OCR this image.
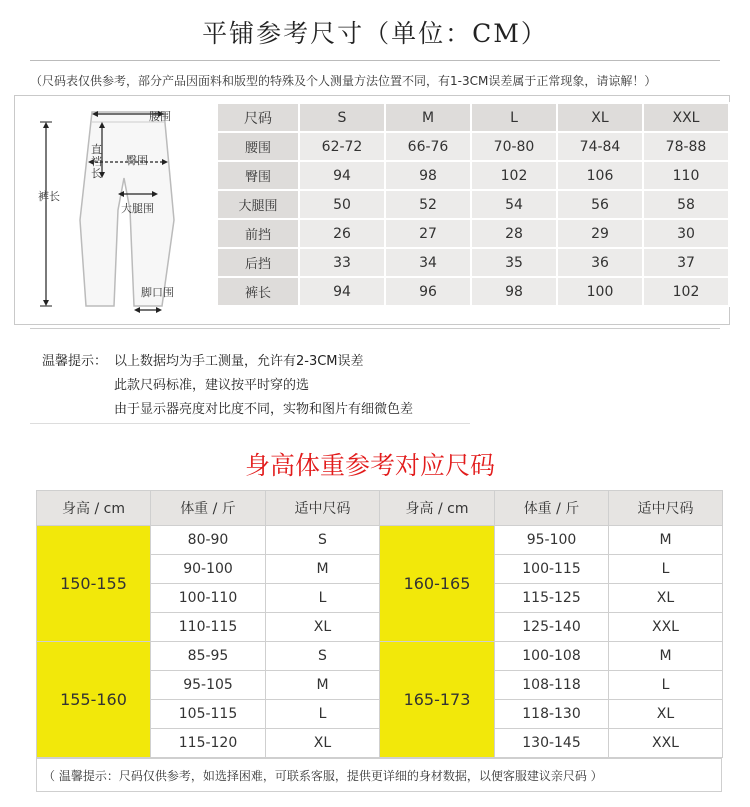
平铺参考尺寸（单位：CM）
（尺码表仅供参考，部分产品因面料和版型的特殊及个人测量方法位置不同，有1-3CM误差属于正常现象，请谅解！）
腰围
臀围
直裆长
裤长
大腿围
脚口围
尺码	S	M	L	XL	XXL
腰围	62-72	66-76	70-80	74-84	78-88
臀围	94	98	102	106	110
大腿围	50	52	54	56	58
前挡	26	27	28	29	30
后挡	33	34	35	36	37
裤长	94	96	98	100	102
温馨提示： 以上数据均为手工测量，允许有2-3CM误差
此款尺码标准，建议按平时穿的选
由于显示器亮度对比度不同，实物和图片有细微色差
身高体重参考对应尺码
身高 / cm	体重 / 斤	适中尺码	身高 / cm	体重 / 斤	适中尺码
150-155	80-90	S	160-165	95-100	M
	90-100	M		100-115	L
	100-110	L		115-125	XL
	110-115	XL		125-140	XXL
155-160	85-95	S	165-173	100-108	M
	95-105	M		108-118	L
	105-115	L		118-130	XL
	115-120	XL		130-145	XXL
（ 温馨提示：尺码仅供参考，如选择困难，可联系客服，提供更详细的身材数据，以便客服建议亲尺码 ）
